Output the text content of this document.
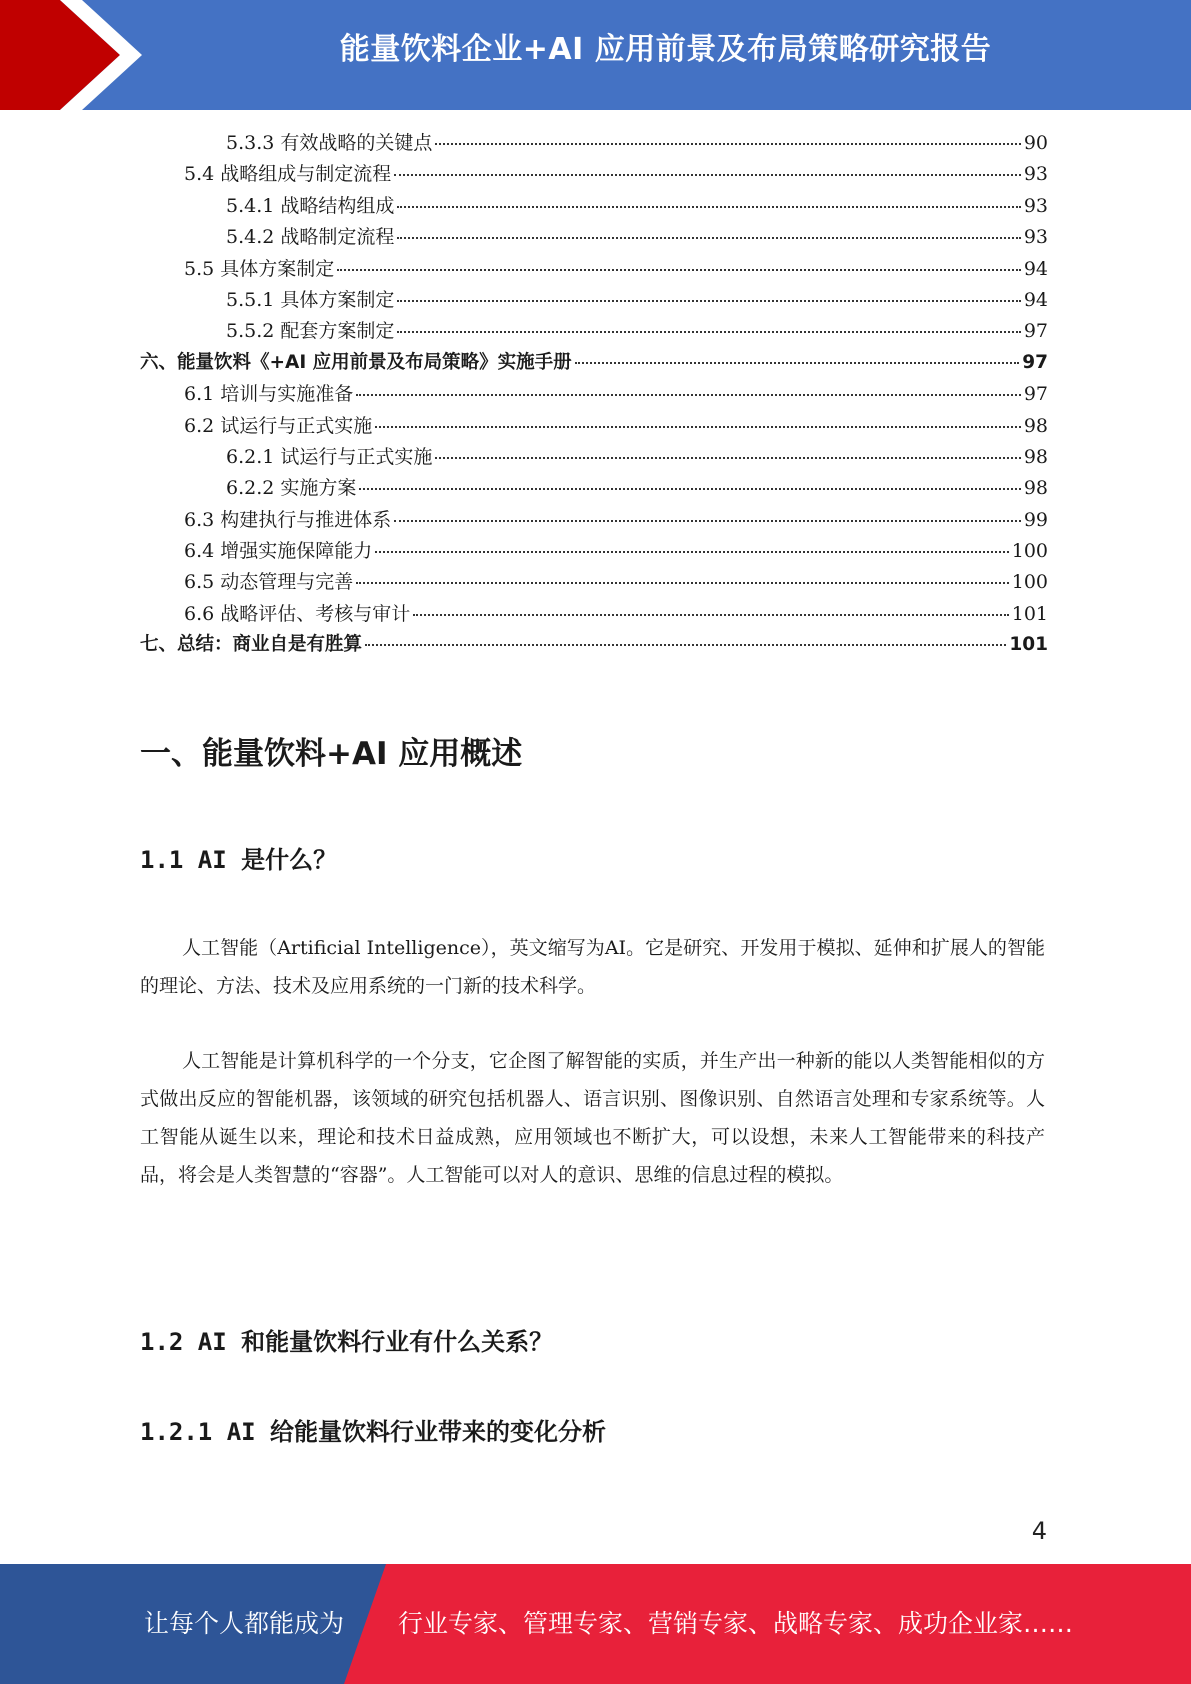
能量饮料企业+AI 应用前景及布局策略研究报告
5.3.3 有效战略的关键点	90
5.4 战略组成与制定流程	93
5.4.1 战略结构组成	93
5.4.2 战略制定流程	93
5.5 具体方案制定	94
5.5.1 具体方案制定	94
5.5.2 配套方案制定	97
六、能量饮料《+AI 应用前景及布局策略》实施手册	97
6.1 培训与实施准备	97
6.2 试运行与正式实施	98
6.2.1 试运行与正式实施	98
6.2.2 实施方案	98
6.3 构建执行与推进体系	99
6.4 增强实施保障能力	100
6.5 动态管理与完善	100
6.6 战略评估、考核与审计	101
七、总结：商业自是有胜算	101
一、能量饮料+AI 应用概述
1.1 AI 是什么？

人工智能（Artificial Intelligence），英文缩写为AI。它是研究、开发用于模拟、延伸和扩展人的智能的理论、方法、技术及应用系统的一门新的技术科学。

人工智能是计算机科学的一个分支，它企图了解智能的实质，并生产出一种新的能以人类智能相似的方式做出反应的智能机器，该领域的研究包括机器人、语言识别、图像识别、自然语言处理和专家系统等。人工智能从诞生以来，理论和技术日益成熟，应用领域也不断扩大，可以设想，未来人工智能带来的科技产品，将会是人类智慧的“容器”。人工智能可以对人的意识、思维的信息过程的模拟。

1.2 AI 和能量饮料行业有什么关系？
1.2.1 AI 给能量饮料行业带来的变化分析
4
让每个人都能成为 行业专家、管理专家、营销专家、战略专家、成功企业家……
